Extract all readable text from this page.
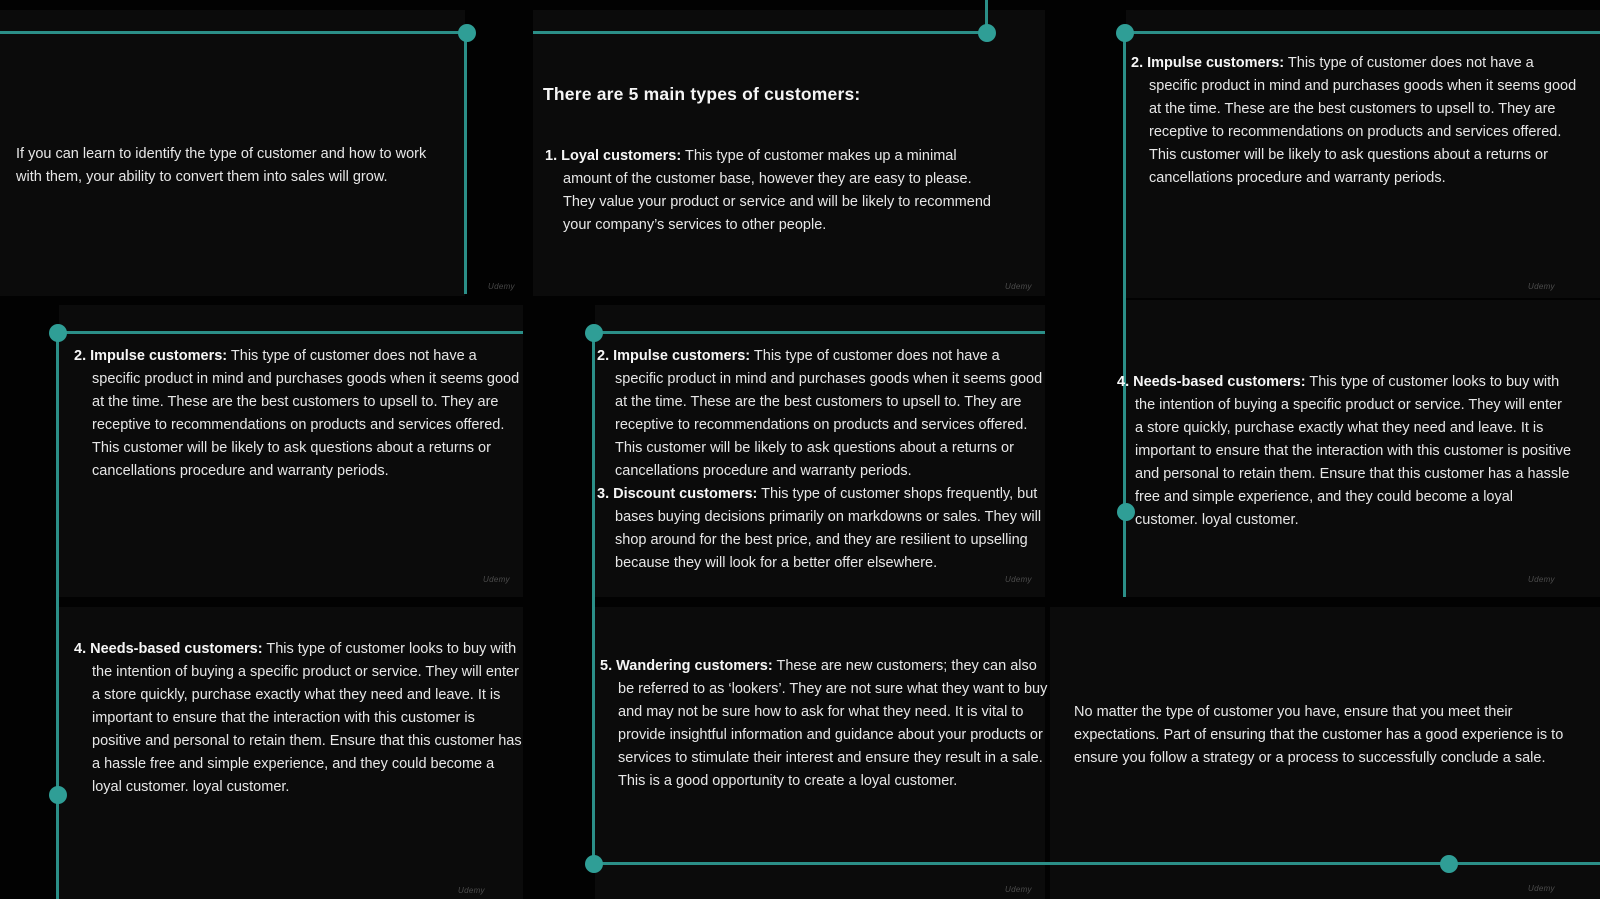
If you can learn to identify the type of customer and how to work with them, your ability to convert them into sales will grow.

There are 5 main types of customers:

1. Loyal customers: This type of customer makes up a minimal amount of the customer base, however they are easy to please. They value your product or service and will be likely to recommend your company’s services to other people.

2. Impulse customers: This type of customer does not have a specific product in mind and purchases goods when it seems good at the time. These are the best customers to upsell to. They are receptive to recommendations on products and services offered. This customer will be likely to ask questions about a returns or cancellations procedure and warranty periods.

2. Impulse customers: This type of customer does not have a specific product in mind and purchases goods when it seems good at the time. These are the best customers to upsell to. They are receptive to recommendations on products and services offered. This customer will be likely to ask questions about a returns or cancellations procedure and warranty periods.

2. Impulse customers: This type of customer does not have a specific product in mind and purchases goods when it seems good at the time. These are the best customers to upsell to. They are receptive to recommendations on products and services offered. This customer will be likely to ask questions about a returns or cancellations procedure and warranty periods.

3. Discount customers: This type of customer shops frequently, but bases buying decisions primarily on markdowns or sales. They will shop around for the best price, and they are resilient to upselling because they will look for a better offer elsewhere.

4. Needs-based customers: This type of customer looks to buy with the intention of buying a specific product or service. They will enter a store quickly, purchase exactly what they need and leave. It is important to ensure that the interaction with this customer is positive and personal to retain them. Ensure that this customer has a hassle free and simple experience, and they could become a loyal customer. loyal customer.

4. Needs-based customers: This type of customer looks to buy with the intention of buying a specific product or service. They will enter a store quickly, purchase exactly what they need and leave. It is important to ensure that the interaction with this customer is positive and personal to retain them. Ensure that this customer has a hassle free and simple experience, and they could become a loyal customer. loyal customer.

5. Wandering customers: These are new customers; they can also be referred to as ‘lookers’. They are not sure what they want to buy and may not be sure how to ask for what they need. It is vital to provide insightful information and guidance about your products or services to stimulate their interest and ensure they result in a sale. This is a good opportunity to create a loyal customer.

No matter the type of customer you have, ensure that you meet their expectations. Part of ensuring that the customer has a good experience is to ensure you follow a strategy or a process to successfully conclude a sale.

Udemy	Udemy	Udemy
Udemy	Udemy	Udemy
Udemy	Udemy	Udemy
